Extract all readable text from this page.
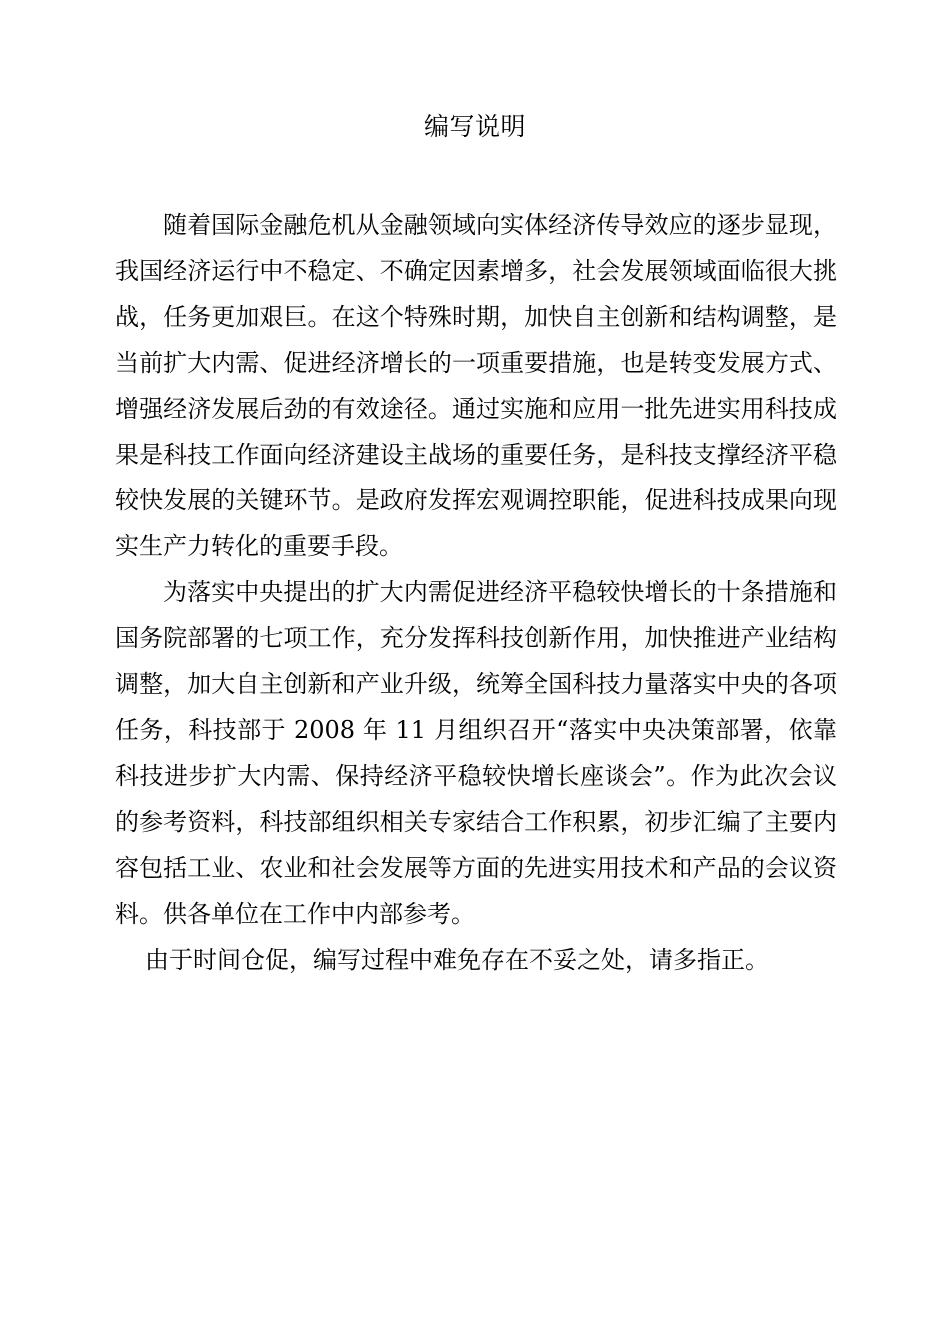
编写说明

随着国际金融危机从金融领域向实体经济传导效应的逐步显现，我国经济运行中不稳定、不确定因素增多，社会发展领域面临很大挑战，任务更加艰巨。在这个特殊时期，加快自主创新和结构调整，是当前扩大内需、促进经济增长的一项重要措施，也是转变发展方式、增强经济发展后劲的有效途径。通过实施和应用一批先进实用科技成果是科技工作面向经济建设主战场的重要任务，是科技支撑经济平稳较快发展的关键环节。是政府发挥宏观调控职能，促进科技成果向现实生产力转化的重要手段。

为落实中央提出的扩大内需促进经济平稳较快增长的十条措施和国务院部署的七项工作，充分发挥科技创新作用，加快推进产业结构调整，加大自主创新和产业升级，统筹全国科技力量落实中央的各项任务，科技部于 2008 年 11 月组织召开“落实中央决策部署，依靠科技进步扩大内需、保持经济平稳较快增长座谈会”。作为此次会议的参考资料，科技部组织相关专家结合工作积累，初步汇编了主要内容包括工业、农业和社会发展等方面的先进实用技术和产品的会议资料。供各单位在工作中内部参考。

由于时间仓促，编写过程中难免存在不妥之处，请多指正。
